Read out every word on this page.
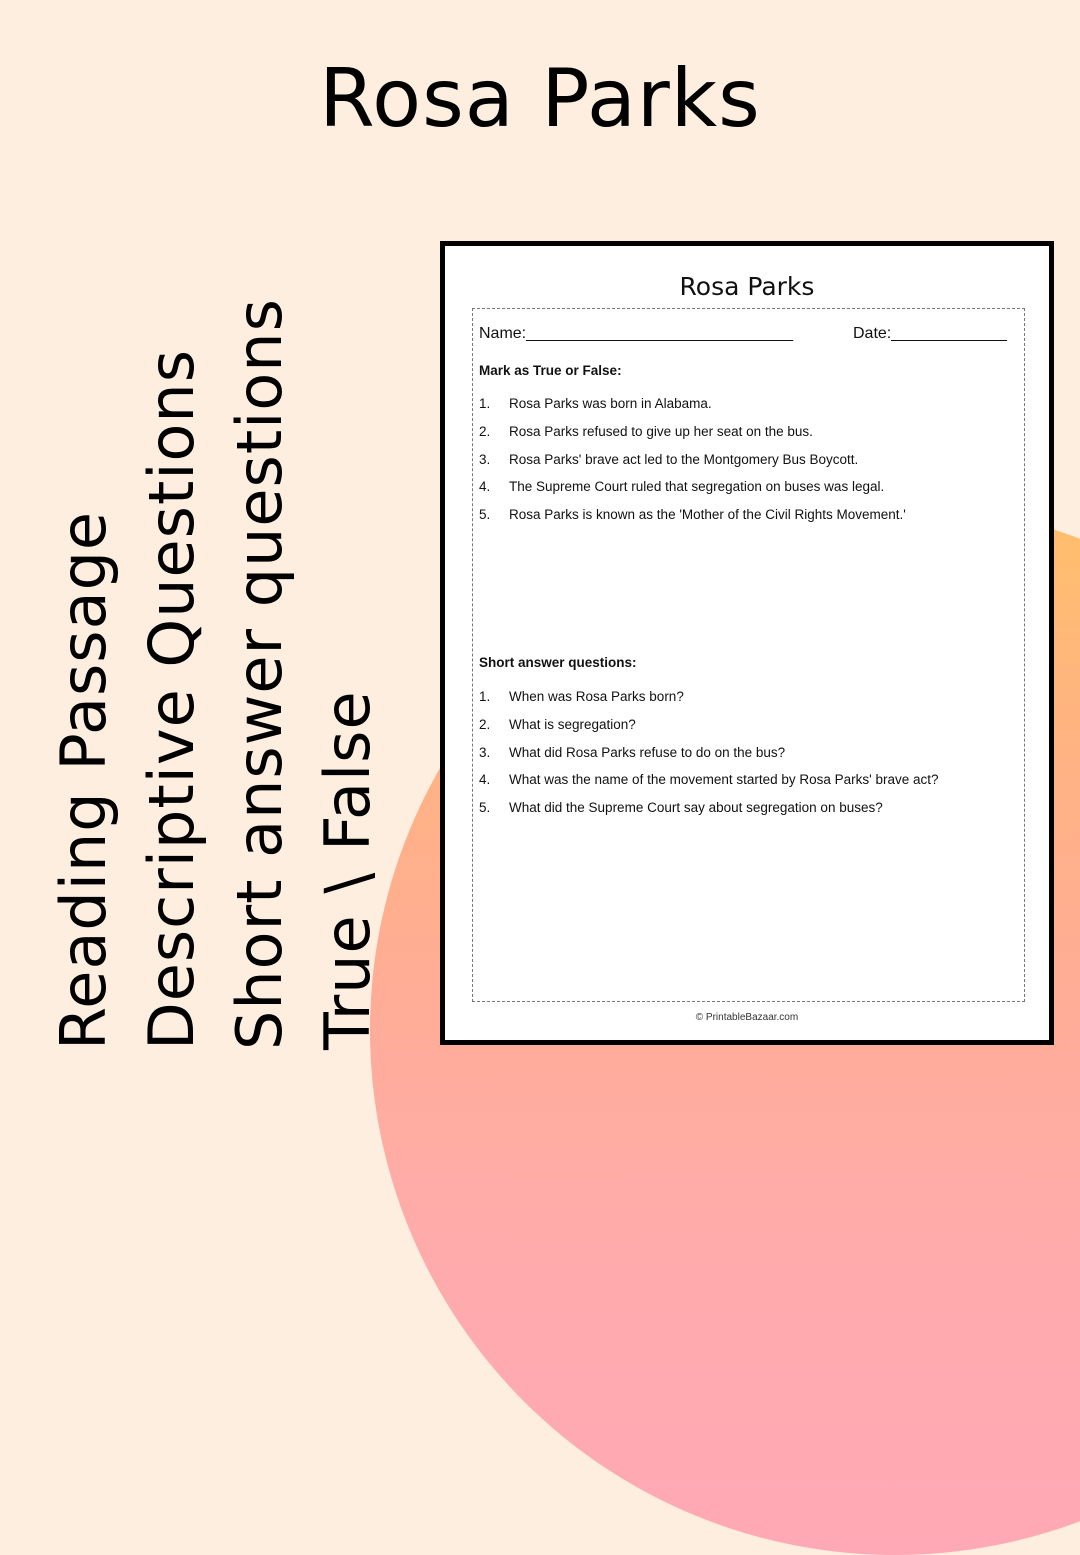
Rosa Parks
Reading Passage Descriptive Questions Short answer questions True \ False
Rosa Parks
Name:______________________________	Date:_____________
Mark as True or False:
1. Rosa Parks was born in Alabama.
2. Rosa Parks refused to give up her seat on the bus.
3. Rosa Parks' brave act led to the Montgomery Bus Boycott.
4. The Supreme Court ruled that segregation on buses was legal.
5. Rosa Parks is known as the 'Mother of the Civil Rights Movement.'
Short answer questions:
1. When was Rosa Parks born?
2. What is segregation?
3. What did Rosa Parks refuse to do on the bus?
4. What was the name of the movement started by Rosa Parks' brave act?
5. What did the Supreme Court say about segregation on buses?
© PrintableBazaar.com
